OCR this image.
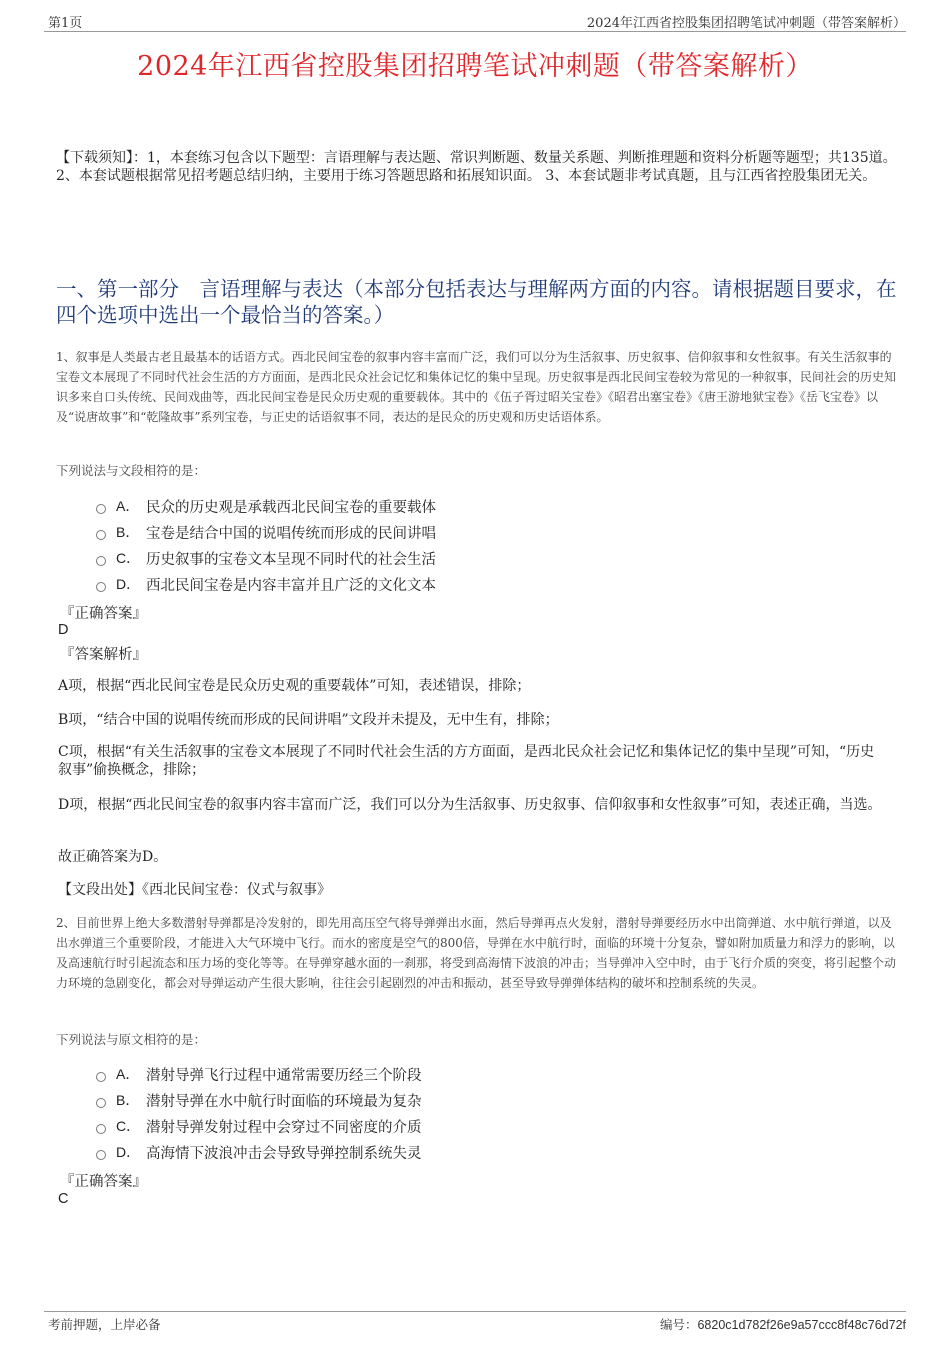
第1页	2024年江西省控股集团招聘笔试冲刺题（带答案解析）
2024年江西省控股集团招聘笔试冲刺题（带答案解析）
【下载须知】：1，本套练习包含以下题型：言语理解与表达题、常识判断题、数量关系题、判断推理题和资料分析题等题型；共135道。 2、本套试题根据常见招考题总结归纳，主要用于练习答题思路和拓展知识面。 3、本套试题非考试真题，且与江西省控股集团无关。
一、第一部分　言语理解与表达（本部分包括表达与理解两方面的内容。请根据题目要求，在四个选项中选出一个最恰当的答案。）
1、叙事是人类最古老且最基本的话语方式。西北民间宝卷的叙事内容丰富而广泛，我们可以分为生活叙事、历史叙事、信仰叙事和女性叙事。有关生活叙事的宝卷文本展现了不同时代社会生活的方方面面，是西北民众社会记忆和集体记忆的集中呈现。历史叙事是西北民间宝卷较为常见的一种叙事，民间社会的历史知识多来自口头传统、民间戏曲等，西北民间宝卷是民众历史观的重要载体。其中的《伍子胥过昭关宝卷》《昭君出塞宝卷》《唐王游地狱宝卷》《岳飞宝卷》以及“说唐故事”和“乾隆故事”系列宝卷，与正史的话语叙事不同，表达的是民众的历史观和历史话语体系。
下列说法与文段相符的是：
A． 民众的历史观是承载西北民间宝卷的重要载体
B． 宝卷是结合中国的说唱传统而形成的民间讲唱
C． 历史叙事的宝卷文本呈现不同时代的社会生活
D． 西北民间宝卷是内容丰富并且广泛的文化文本
『正确答案』
D
『答案解析』
A项，根据“西北民间宝卷是民众历史观的重要载体”可知，表述错误，排除；
B项，“结合中国的说唱传统而形成的民间讲唱”文段并未提及，无中生有，排除；
C项，根据“有关生活叙事的宝卷文本展现了不同时代社会生活的方方面面，是西北民众社会记忆和集体记忆的集中呈现”可知，“历史叙事”偷换概念，排除；
D项，根据“西北民间宝卷的叙事内容丰富而广泛，我们可以分为生活叙事、历史叙事、信仰叙事和女性叙事”可知，表述正确，当选。
故正确答案为D。
【文段出处】《西北民间宝卷：仪式与叙事》
2、目前世界上绝大多数潜射导弹都是冷发射的，即先用高压空气将导弹弹出水面，然后导弹再点火发射，潜射导弹要经历水中出筒弹道、水中航行弹道，以及出水弹道三个重要阶段，才能进入大气环境中飞行。而水的密度是空气的800倍，导弹在水中航行时，面临的环境十分复杂，譬如附加质量力和浮力的影响，以及高速航行时引起流态和压力场的变化等等。在导弹穿越水面的一刹那，将受到高海情下波浪的冲击；当导弹冲入空中时，由于飞行介质的突变，将引起整个动力环境的急剧变化，都会对导弹运动产生很大影响，往往会引起剧烈的冲击和振动，甚至导致导弹弹体结构的破坏和控制系统的失灵。
下列说法与原文相符的是：
A． 潜射导弹飞行过程中通常需要历经三个阶段
B． 潜射导弹在水中航行时面临的环境最为复杂
C． 潜射导弹发射过程中会穿过不同密度的介质
D． 高海情下波浪冲击会导致导弹控制系统失灵
『正确答案』
C
考前押题，上岸必备	编号：6820c1d782f26e9a57ccc8f48c76d72f
